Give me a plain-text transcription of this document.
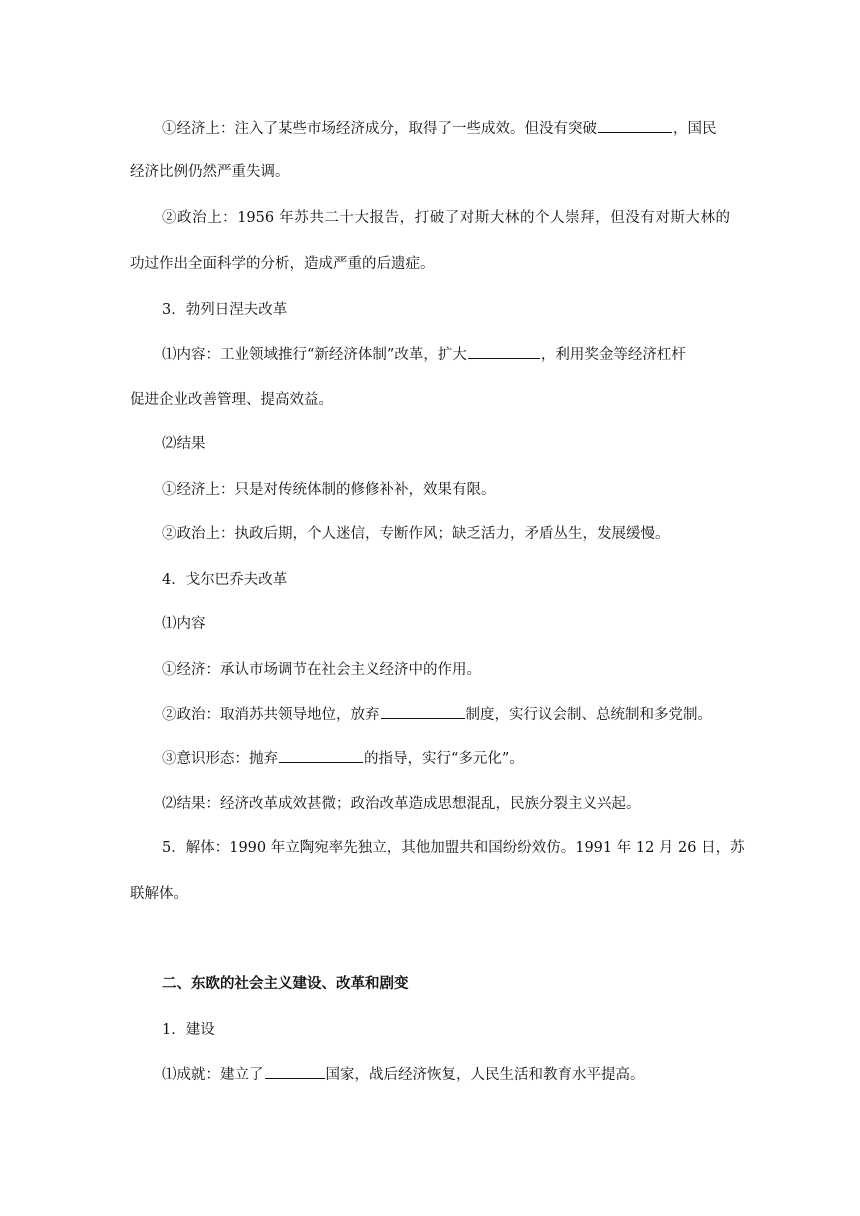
①经济上：注入了某些市场经济成分，取得了一些成效。但没有突破	，国民
经济比例仍然严重失调。
②政治上：1956 年苏共二十大报告，打破了对斯大林的个人崇拜，但没有对斯大林的
功过作出全面科学的分析，造成严重的后遗症。
3．勃列日涅夫改革
⑴内容：工业领域推行“新经济体制”改革，扩大	，利用奖金等经济杠杆
促进企业改善管理、提高效益。
⑵结果
①经济上：只是对传统体制的修修补补，效果有限。
②政治上：执政后期，个人迷信，专断作风；缺乏活力，矛盾丛生，发展缓慢。
4．戈尔巴乔夫改革
⑴内容
①经济：承认市场调节在社会主义经济中的作用。
②政治：取消苏共领导地位，放弃	制度，实行议会制、总统制和多党制。
③意识形态：抛弃	的指导，实行“多元化”。
⑵结果：经济改革成效甚微；政治改革造成思想混乱，民族分裂主义兴起。
5．解体：1990 年立陶宛率先独立，其他加盟共和国纷纷效仿。1991 年 12 月 26 日，苏
联解体。
二、东欧的社会主义建设、改革和剧变
1．建设
⑴成就：建立了	国家，战后经济恢复，人民生活和教育水平提高。
